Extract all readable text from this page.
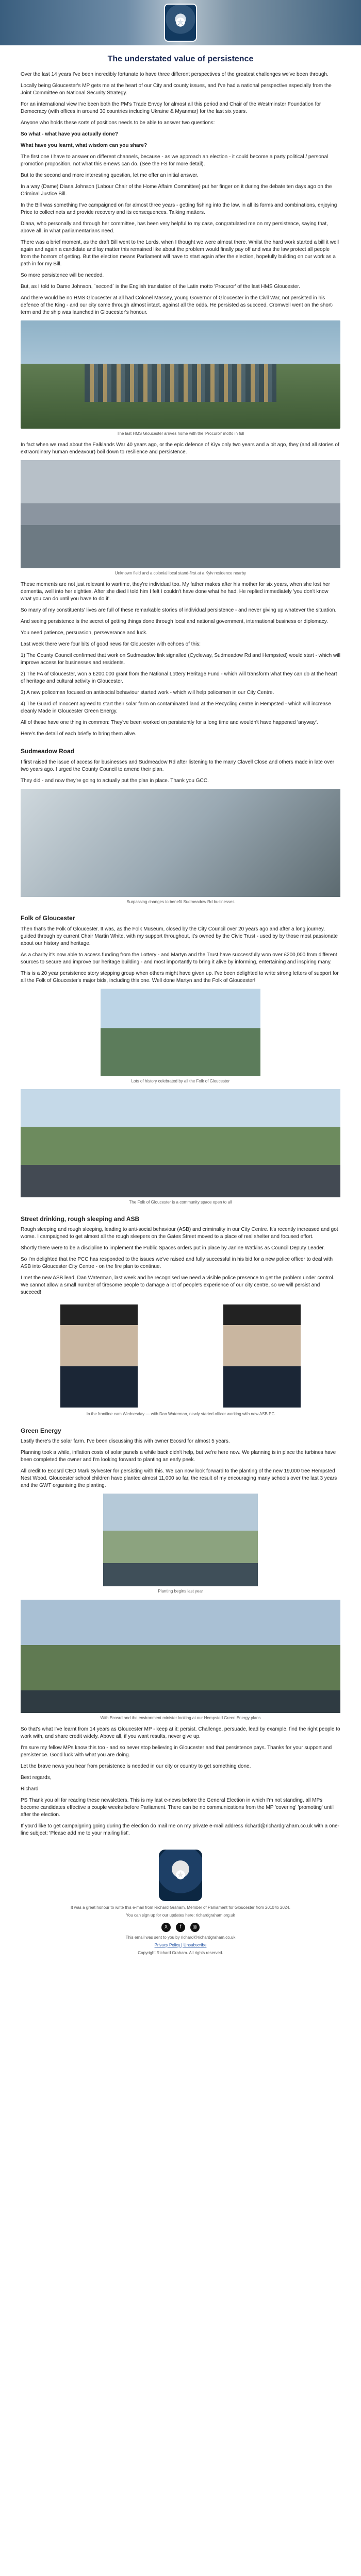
✪
The understated value of persistence

Over the last 14 years I've been incredibly fortunate to have three different perspectives of the greatest challenges we've been through.

Locally being Gloucester's MP gets me at the heart of our City and county issues, and I've had a national perspective especially from the Joint Committee on National Security Strategy.

For an international view I've been both the PM's Trade Envoy for almost all this period and Chair of the Westminster Foundation for Democracy (with offices in around 30 countries including Ukraine & Myanmar) for the last six years.

Anyone who holds these sorts of positions needs to be able to answer two questions:

So what - what have you actually done?

What have you learnt, what wisdom can you share?

The first one I have to answer on different channels, because - as we approach an election - it could become a party political / personal promotion proposition, not what this e-news can do. (See the FS for more detail).

But to the second and more interesting question, let me offer an initial answer.

In a way (Dame) Diana Johnson (Labour Chair of the Home Affairs Committee) put her finger on it during the debate ten days ago on the Criminal Justice Bill.

In the Bill was something I've campaigned on for almost three years - getting fishing into the law, in all its forms and combinations, enjoying Price to collect nets and provide recovery and its consequences. Talking matters.

Diana, who personally and through her committee, has been very helpful to my case, congratulated me on my persistence, saying that, above all, in what parliamentarians need.

There was a brief moment, as the draft Bill went to the Lords, when I thought we were almost there. Whilst the hard work started a bill it well again and again a candidate and lay matter this remained like about the problem would finally pay off and was the law protect all people from the horrors of getting. But the election means Parliament will have to start again after the election, hopefully building on our work as a path in for my Bill.

So more persistence will be needed.

But, as I told to Dame Johnson, `second` is the English translation of the Latin motto 'Procuror' of the last HMS Gloucester.

And there would be no HMS Gloucester at all had Colonel Massey, young Governor of Gloucester in the Civil War, not persisted in his defence of the King - and our city came through almost intact, against all the odds. He persisted as succeed. Cromwell went on the short-term and the ship was launched in Gloucester's honour.

The last HMS Gloucester arrives home with the 'Procuror' motto in full

In fact when we read about the Falklands War 40 years ago, or the epic defence of Kiyv only two years and a bit ago, they (and all stories of extraordinary human endeavour) boil down to resilience and persistence.

Unknown field and a colonial local stand-first at a Kyiv residence nearby

These moments are not just relevant to wartime, they're individual too. My father makes after his mother for six years, when she lost her dementia, well into her eighties. After she died I told him I felt I couldn't have done what he had. He replied immediately 'you don't know what you can do until you have to do it'.

So many of my constituents' lives are full of these remarkable stories of individual persistence - and never giving up whatever the situation.

And seeing persistence is the secret of getting things done through local and national government, international business or diplomacy.

You need patience, persuasion, perseverance and luck.

Last week there were four bits of good news for Gloucester with echoes of this:

1) The County Council confirmed that work on Sudmeadow link signalled (Cycleway, Sudmeadow Rd and Hempsted) would start - which will improve access for businesses and residents.

2) The FA of Gloucester, won a £200,000 grant from the National Lottery Heritage Fund - which will transform what they can do at the heart of heritage and cultural activity in Gloucester.

3) A new policeman focused on antisocial behaviour started work - which will help policemen in our City Centre.

4) The Guard of Innocent agreed to start their solar farm on contaminated land at the Recycling centre in Hempsted - which will increase cleanly Made in Gloucester Green Energy.

All of these have one thing in common: They've been worked on persistently for a long time and wouldn't have happened 'anyway'.

Here's the detail of each briefly to bring them alive.

Sudmeadow Road

I first raised the issue of access for businesses and Sudmeadow Rd after listening to the many Clavell Close and others made in late over two years ago. I urged the County Council to amend their plan.

They did - and now they're going to actually put the plan in place. Thank you GCC.

Surpassing changes to benefit Sudmeadow Rd businesses
Folk of Gloucester

Then that's the Folk of Gloucester. It was, as the Folk Museum, closed by the City Council over 20 years ago and after a long journey, guided through by current Chair Martin White, with my support throughout, it's owned by the Civic Trust - used by by those most passionate about our history and heritage.

As a charity it's now able to access funding from the Lottery - and Martyn and the Trust have successfully won over £200,000 from different sources to secure and improve our heritage building - and most importantly to bring it alive by informing, entertaining and inspiring many.

This is a 20 year persistence story stepping group when others might have given up. I've been delighted to write strong letters of support for all the Folk of Gloucester's major bids, including this one. Well done Martyn and the Folk of Gloucester!

Lots of history celebrated by all the Folk of Gloucester
The Folk of Gloucester is a community space open to all
Street drinking, rough sleeping and ASB

Rough sleeping and rough sleeping, leading to anti-social behaviour (ASB) and criminality in our City Centre. It's recently increased and got worse. I campaigned to get almost all the rough sleepers on the Gates Street moved to a place of real shelter and focused effort.

Shortly there were to be a discipline to implement the Public Spaces orders put in place by Janine Watkins as Council Deputy Leader.

So I'm delighted that the PCC has responded to the issues we've raised and fully successful in his bid for a new police officer to deal with ASB into Gloucester City Centre - on the fire plan to continue.

I met the new ASB lead, Dan Waterman, last week and he recognised we need a visible police presence to get the problem under control. We cannot allow a small number of tiresome people to damage a lot of people's experience of our city centre, so we will persist and succeed!

In the frontline cam Wednesday — with Dan Waterman, newly started officer working with new ASB PC
Green Energy

Lastly there's the solar farm. I've been discussing this with owner Ecosrd for almost 5 years.

Planning took a while, inflation costs of solar panels a while back didn't help, but we're here now. We planning is in place the turbines have been completed the owner and I'm looking forward to planting an early peek.

All credit to Ecosrd CEO Mark Sylvester for persisting with this. We can now look forward to the planting of the new 19,000 tree Hempsted Nest Wood. Gloucester school children have planted almost 11,000 so far, the result of my encouraging many schools over the last 3 years and the GWT organising the planting.

Planting begins last year
With Ecosrd and the environment minister looking at our Hempsted Green Energy plans

So that's what I've learnt from 14 years as Gloucester MP - keep at it: persist. Challenge, persuade, lead by example, find the right people to work with, and share credit widely. Above all, if you want results, never give up.

I'm sure my fellow MPs know this too - and so never stop believing in Gloucester and that persistence pays. Thanks for your support and persistence. Good luck with what you are doing.

Let the brave news you hear from persistence is needed in our city or country to get something done.

Best regards,

Richard

PS Thank you all for reading these newsletters. This is my last e-news before the General Election in which I'm not standing, all MPs become candidates effective a couple weeks before Parliament. There can be no communications from the MP 'covering' 'promoting' until after the election.

If you'd like to get campaigning going during the election do mail me on my private e-mail address richard@richardgraham.co.uk with a one-line subject: 'Please add me to your mailing list'.

✪
It was a great honour to write this e-mail from Richard Graham, Member of Parliament for Gloucester from 2010 to 2024.
You can sign up for our updates here: richardgraham.org.uk
X	f	◎
This email was sent to you by richard@richardgraham.co.uk
Privacy Policy | Unsubscribe
Copyright Richard Graham. All rights reserved.
